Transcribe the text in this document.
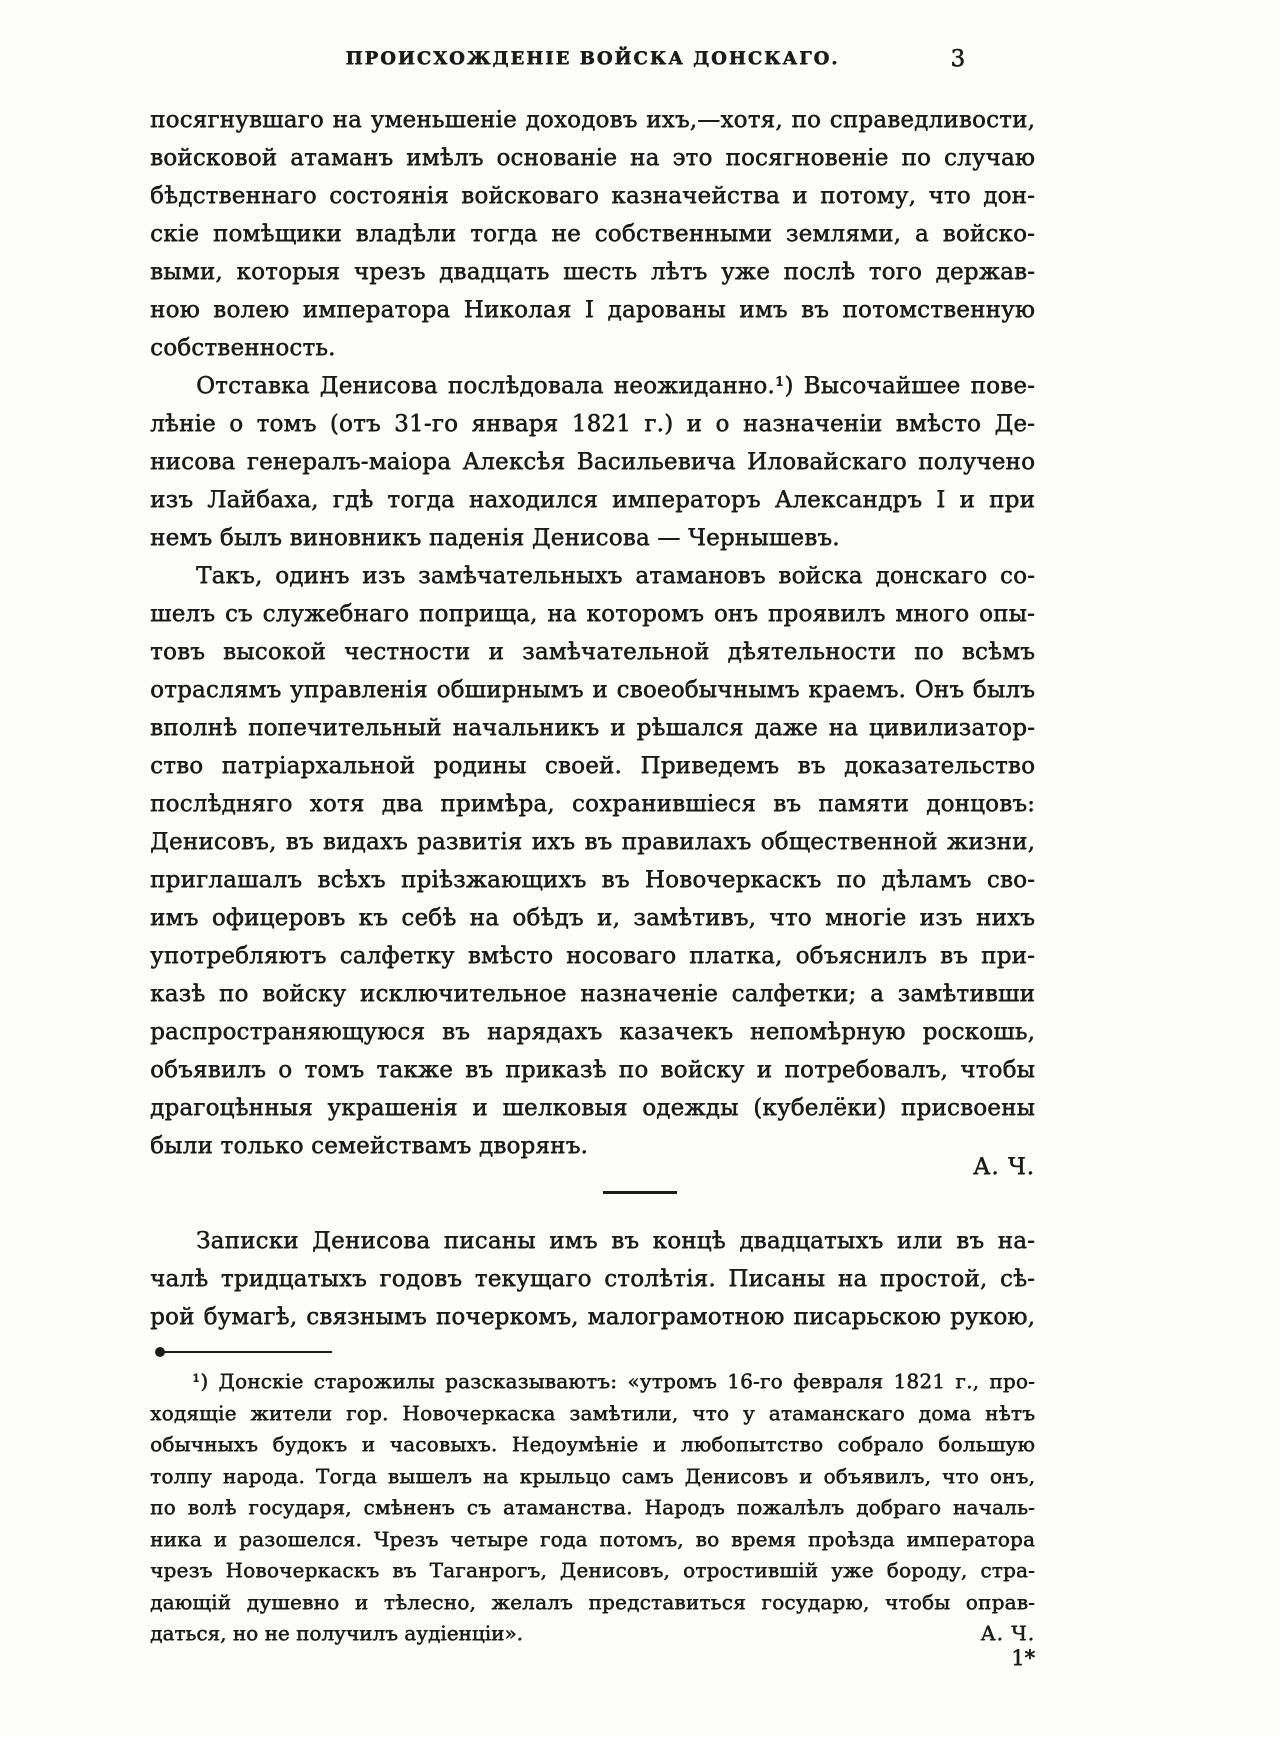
ПРОИСХОЖДЕНІЕ ВОЙСКА ДОНСКАГО.	3
посягнувшаго на уменьшеніе доходовъ ихъ,—хотя, по справедливости,
войсковой атаманъ имѣлъ основаніе на это посягновеніе по случаю
бѣдственнаго состоянія войсковаго казначейства и потому, что дон-
скіе помѣщики владѣли тогда не собственными землями, а войско-
выми, которыя чрезъ двадцать шесть лѣтъ уже послѣ того держав-
ною волею императора Николая I дарованы имъ въ потомственную
собственность.
Отставка Денисова послѣдовала неожиданно.¹) Высочайшее пове-
лѣніе о томъ (отъ 31-го января 1821 г.) и о назначеніи вмѣсто Де-
нисова генералъ-маіора Алексѣя Васильевича Иловайскаго получено
изъ Лайбаха, гдѣ тогда находился императоръ Александръ I и при
немъ былъ виновникъ паденія Денисова — Чернышевъ.
Такъ, одинъ изъ замѣчательныхъ атамановъ войска донскаго со-
шелъ съ служебнаго поприща, на которомъ онъ проявилъ много опы-
товъ высокой честности и замѣчательной дѣятельности по всѣмъ
отраслямъ управленія обширнымъ и своеобычнымъ краемъ. Онъ былъ
вполнѣ попечительный начальникъ и рѣшался даже на цивилизатор-
ство патріархальной родины своей. Приведемъ въ доказательство
послѣдняго хотя два примѣра, сохранившіеся въ памяти донцовъ:
Денисовъ, въ видахъ развитія ихъ въ правилахъ общественной жизни,
приглашалъ всѣхъ пріѣзжающихъ въ Новочеркаскъ по дѣламъ сво-
имъ офицеровъ къ себѣ на обѣдъ и, замѣтивъ, что многіе изъ нихъ
употребляютъ салфетку вмѣсто носоваго платка, объяснилъ въ при-
казѣ по войску исключительное назначеніе салфетки; а замѣтивши
распространяющуюся въ нарядахъ казачекъ непомѣрную роскошь,
объявилъ о томъ также въ приказѣ по войску и потребовалъ, чтобы
драгоцѣнныя украшенія и шелковыя одежды (кубелёки) присвоены
были только семействамъ дворянъ.
А. Ч.
Записки Денисова писаны имъ въ концѣ двадцатыхъ или въ на-
чалѣ тридцатыхъ годовъ текущаго столѣтія. Писаны на простой, сѣ-
рой бумагѣ, связнымъ почеркомъ, малограмотною писарьскою рукою,
¹) Донскіе старожилы разсказываютъ: «утромъ 16-го февраля 1821 г., про-
ходящіе жители гор. Новочеркаска замѣтили, что у атаманскаго дома нѣтъ
обычныхъ будокъ и часовыхъ. Недоумѣніе и любопытство собрало большую
толпу народа. Тогда вышелъ на крыльцо самъ Денисовъ и объявилъ, что онъ,
по волѣ государя, смѣненъ съ атаманства. Народъ пожалѣлъ добраго началь-
ника и разошелся. Чрезъ четыре года потомъ, во время проѣзда императора
чрезъ Новочеркаскъ въ Таганрогъ, Денисовъ, отростившій уже бороду, стра-
дающій душевно и тѣлесно, желалъ представиться государю, чтобы оправ-
даться, но не получилъ аудіенціи».	А. Ч.
1*
